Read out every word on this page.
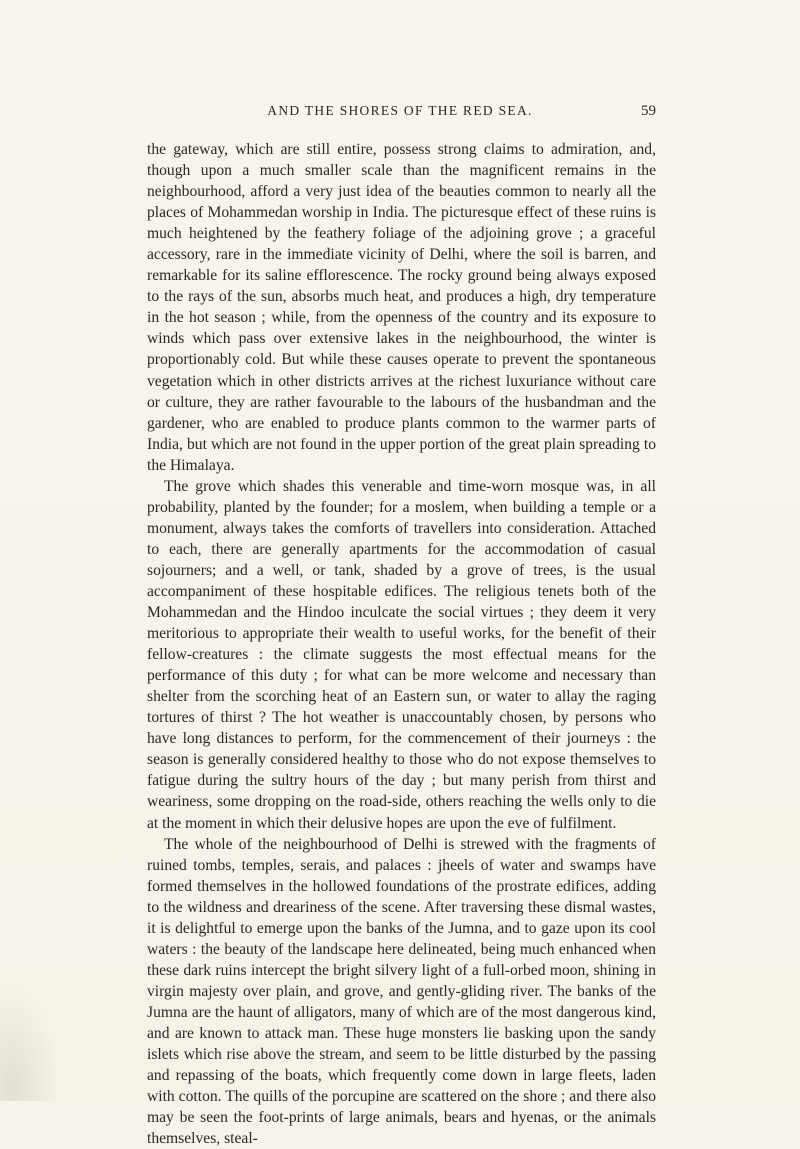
AND THE SHORES OF THE RED SEA.	59

the gateway, which are still entire, possess strong claims to admiration, and, though upon a much smaller scale than the magnificent remains in the neighbourhood, afford a very just idea of the beauties common to nearly all the places of Mohammedan worship in India. The picturesque effect of these ruins is much heightened by the feathery foliage of the adjoining grove ; a graceful accessory, rare in the immediate vicinity of Delhi, where the soil is barren, and remarkable for its saline efflorescence. The rocky ground being always exposed to the rays of the sun, absorbs much heat, and produces a high, dry temperature in the hot season ; while, from the openness of the country and its exposure to winds which pass over extensive lakes in the neighbourhood, the winter is proportionably cold. But while these causes operate to prevent the spontaneous vegetation which in other districts arrives at the richest luxuriance without care or culture, they are rather favourable to the labours of the husbandman and the gardener, who are enabled to produce plants common to the warmer parts of India, but which are not found in the upper portion of the great plain spreading to the Himalaya.

The grove which shades this venerable and time-worn mosque was, in all probability, planted by the founder; for a moslem, when building a temple or a monument, always takes the comforts of travellers into consideration. Attached to each, there are generally apartments for the accommodation of casual sojourners; and a well, or tank, shaded by a grove of trees, is the usual accompaniment of these hospitable edifices. The religious tenets both of the Mohammedan and the Hindoo inculcate the social virtues ; they deem it very meritorious to appropriate their wealth to useful works, for the benefit of their fellow-creatures : the climate suggests the most effectual means for the performance of this duty ; for what can be more welcome and necessary than shelter from the scorching heat of an Eastern sun, or water to allay the raging tortures of thirst ? The hot weather is unaccountably chosen, by persons who have long distances to perform, for the commencement of their journeys : the season is generally considered healthy to those who do not expose themselves to fatigue during the sultry hours of the day ; but many perish from thirst and weariness, some dropping on the road-side, others reaching the wells only to die at the moment in which their delusive hopes are upon the eve of fulfilment.

The whole of the neighbourhood of Delhi is strewed with the fragments of ruined tombs, temples, serais, and palaces : jheels of water and swamps have formed themselves in the hollowed foundations of the prostrate edifices, adding to the wildness and dreariness of the scene. After traversing these dismal wastes, it is delightful to emerge upon the banks of the Jumna, and to gaze upon its cool waters : the beauty of the landscape here delineated, being much enhanced when these dark ruins intercept the bright silvery light of a full-orbed moon, shining in virgin majesty over plain, and grove, and gently-gliding river. The banks of the Jumna are the haunt of alligators, many of which are of the most dangerous kind, and are known to attack man. These huge monsters lie basking upon the sandy islets which rise above the stream, and seem to be little disturbed by the passing and repassing of the boats, which frequently come down in large fleets, laden with cotton. The quills of the porcupine are scattered on the shore ; and there also may be seen the foot-prints of large animals, bears and hyenas, or the animals themselves, steal-
